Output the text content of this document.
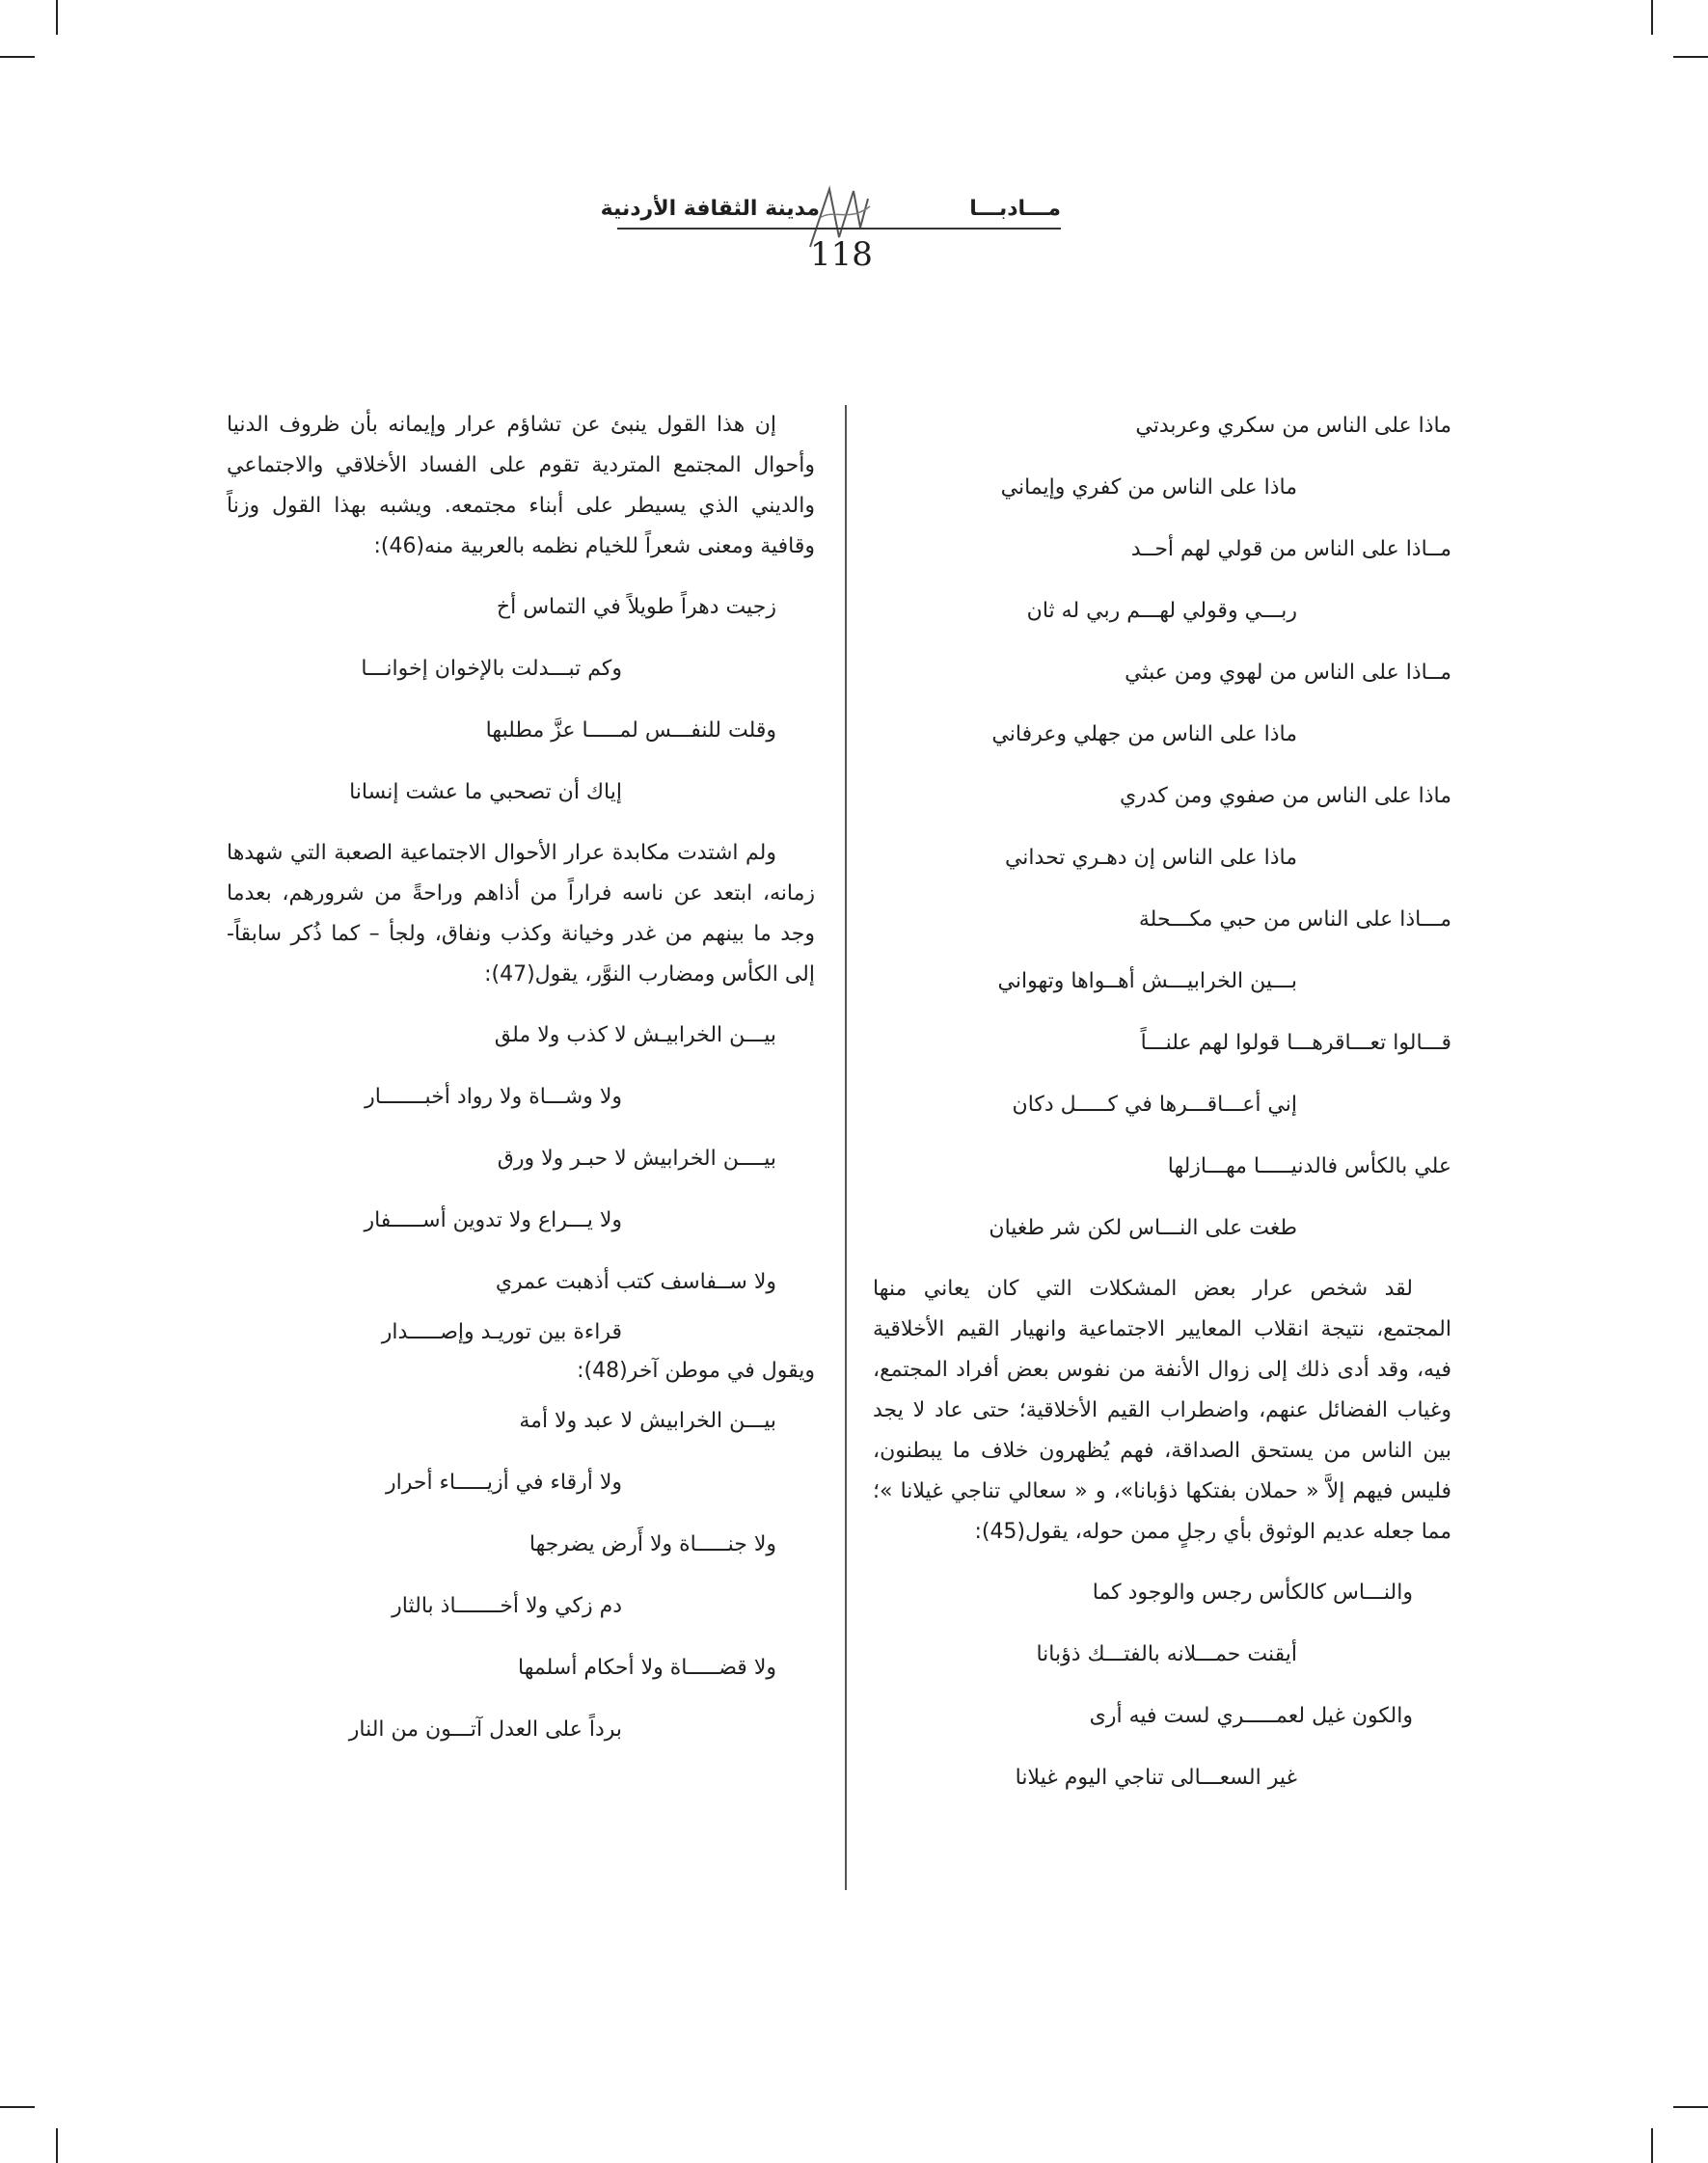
مـــادبـــا
مدينة الثقافة الأردنية
118
ماذا على الناس من سكري وعربدتي
ماذا على الناس من كفري وإيماني
مــاذا على الناس من قولي لهم أحــد
ربـــي وقولي لهـــم ربي له ثان
مــاذا على الناس من لهوي ومن عبثي
ماذا على الناس من جهلي وعرفاني
ماذا على الناس من صفوي ومن كدري
ماذا على الناس إن دهـري تحداني
مـــاذا على الناس من حبي مكـــحلة
بـــين الخرابيـــش أهــواها وتهواني
قـــالوا تعـــاقرهـــا قولوا لهم علنـــاً
إني أعـــاقـــرها في كـــــل دكان
علي بالكأس فالدنيـــــا مهـــازلها
طغت على النـــاس لكن شر طغيان
لقد شخص عرار بعض المشكلات التي كان يعاني منها المجتمع، نتيجة انقلاب المعايير الاجتماعية وانهيار القيم الأخلاقية فيه، وقد أدى ذلك إلى زوال الأنفة من نفوس بعض أفراد المجتمع، وغياب الفضائل عنهم، واضطراب القيم الأخلاقية؛ حتى عاد لا يجد بين الناس من يستحق الصداقة، فهم يُظهرون خلاف ما يبطنون، فليس فيهم إلاَّ « حملان بفتكها ذؤبانا»، و « سعالي تناجي غيلانا »؛ مما جعله عديم الوثوق بأي رجلٍ ممن حوله، يقول(45):
والنـــاس كالكأس رجس والوجود كما
أيقنت حمـــلانه بالفتـــك ذؤبانا
والكون غيل لعمـــــري لست فيه أرى
غير السعـــالى تناجي اليوم غيلانا
إن هذا القول ينبئ عن تشاؤم عرار وإيمانه بأن ظروف الدنيا وأحوال المجتمع المتردية تقوم على الفساد الأخلاقي والاجتماعي والديني الذي يسيطر على أبناء مجتمعه. ويشبه بهذا القول وزناً وقافية ومعنى شعراً للخيام نظمه بالعربية منه(46):
زجيت دهراً طويلاً في التماس أخ
وكم تبـــدلت بالإخوان إخوانـــا
وقلت للنفـــس لمـــــا عزَّ مطلبها
إياك أن تصحبي ما عشت إنسانا
ولم اشتدت مكابدة عرار الأحوال الاجتماعية الصعبة التي شهدها زمانه، ابتعد عن ناسه فراراً من أذاهم وراحةً من شرورهم، بعدما وجد ما بينهم من غدر وخيانة وكذب ونفاق، ولجأ – كما ذُكر سابقاً- إلى الكأس ومضارب النوَّر، يقول(47):
بيـــن الخرابيـش لا كذب ولا ملق
ولا وشـــاة ولا رواد أخبـــــــار
بيــــن الخرابيش لا حبـر ولا ورق
ولا يـــراع ولا تدوين أســـــفار
ولا ســفاسف كتب أذهبت عمري
قراءة بين توريـد وإصـــــدار
ويقول في موطن آخر(48):
بيـــن الخرابيش لا عبد ولا أمة
ولا أرقاء في أزيـــــاء أحرار
ولا جنـــــاة ولا أَرض يضرجها
دم زكي ولا أخـــــــاذ بالثار
ولا قضـــــاة ولا أحكام أسلمها
برداً على العدل آتـــون من النار
